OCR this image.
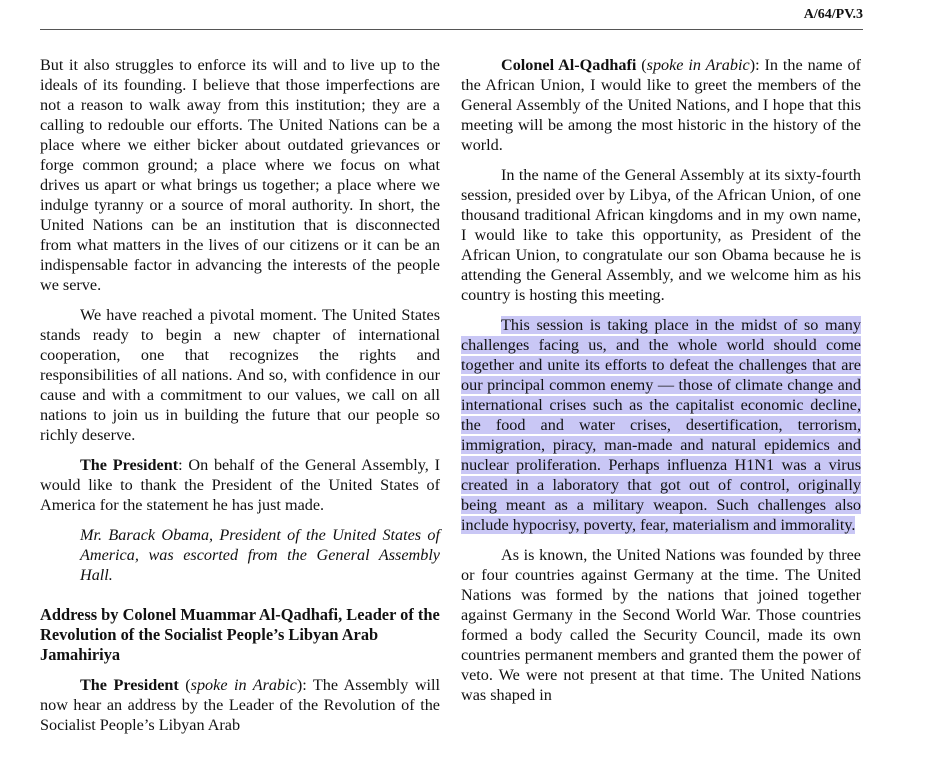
A/64/PV.3

But it also struggles to enforce its will and to live up to the ideals of its founding. I believe that those imperfections are not a reason to walk away from this institution; they are a calling to redouble our efforts. The United Nations can be a place where we either bicker about outdated grievances or forge common ground; a place where we focus on what drives us apart or what brings us together; a place where we indulge tyranny or a source of moral authority. In short, the United Nations can be an institution that is disconnected from what matters in the lives of our citizens or it can be an indispensable factor in advancing the interests of the people we serve.

We have reached a pivotal moment. The United States stands ready to begin a new chapter of international cooperation, one that recognizes the rights and responsibilities of all nations. And so, with confidence in our cause and with a commitment to our values, we call on all nations to join us in building the future that our people so richly deserve.

The President: On behalf of the General Assembly, I would like to thank the President of the United States of America for the statement he has just made.

Mr. Barack Obama, President of the United States of America, was escorted from the General Assembly Hall.

Address by Colonel Muammar Al-Qadhafi, Leader of the Revolution of the Socialist People’s Libyan Arab Jamahiriya

The President (spoke in Arabic): The Assembly will now hear an address by the Leader of the Revolution of the Socialist People’s Libyan Arab

Colonel Al-Qadhafi (spoke in Arabic): In the name of the African Union, I would like to greet the members of the General Assembly of the United Nations, and I hope that this meeting will be among the most historic in the history of the world.

In the name of the General Assembly at its sixty-fourth session, presided over by Libya, of the African Union, of one thousand traditional African kingdoms and in my own name, I would like to take this opportunity, as President of the African Union, to congratulate our son Obama because he is attending the General Assembly, and we welcome him as his country is hosting this meeting.

This session is taking place in the midst of so many challenges facing us, and the whole world should come together and unite its efforts to defeat the challenges that are our principal common enemy — those of climate change and international crises such as the capitalist economic decline, the food and water crises, desertification, terrorism, immigration, piracy, man-made and natural epidemics and nuclear proliferation. Perhaps influenza H1N1 was a virus created in a laboratory that got out of control, originally being meant as a military weapon. Such challenges also include hypocrisy, poverty, fear, materialism and immorality.

As is known, the United Nations was founded by three or four countries against Germany at the time. The United Nations was formed by the nations that joined together against Germany in the Second World War. Those countries formed a body called the Security Council, made its own countries permanent members and granted them the power of veto. We were not present at that time. The United Nations was shaped in
